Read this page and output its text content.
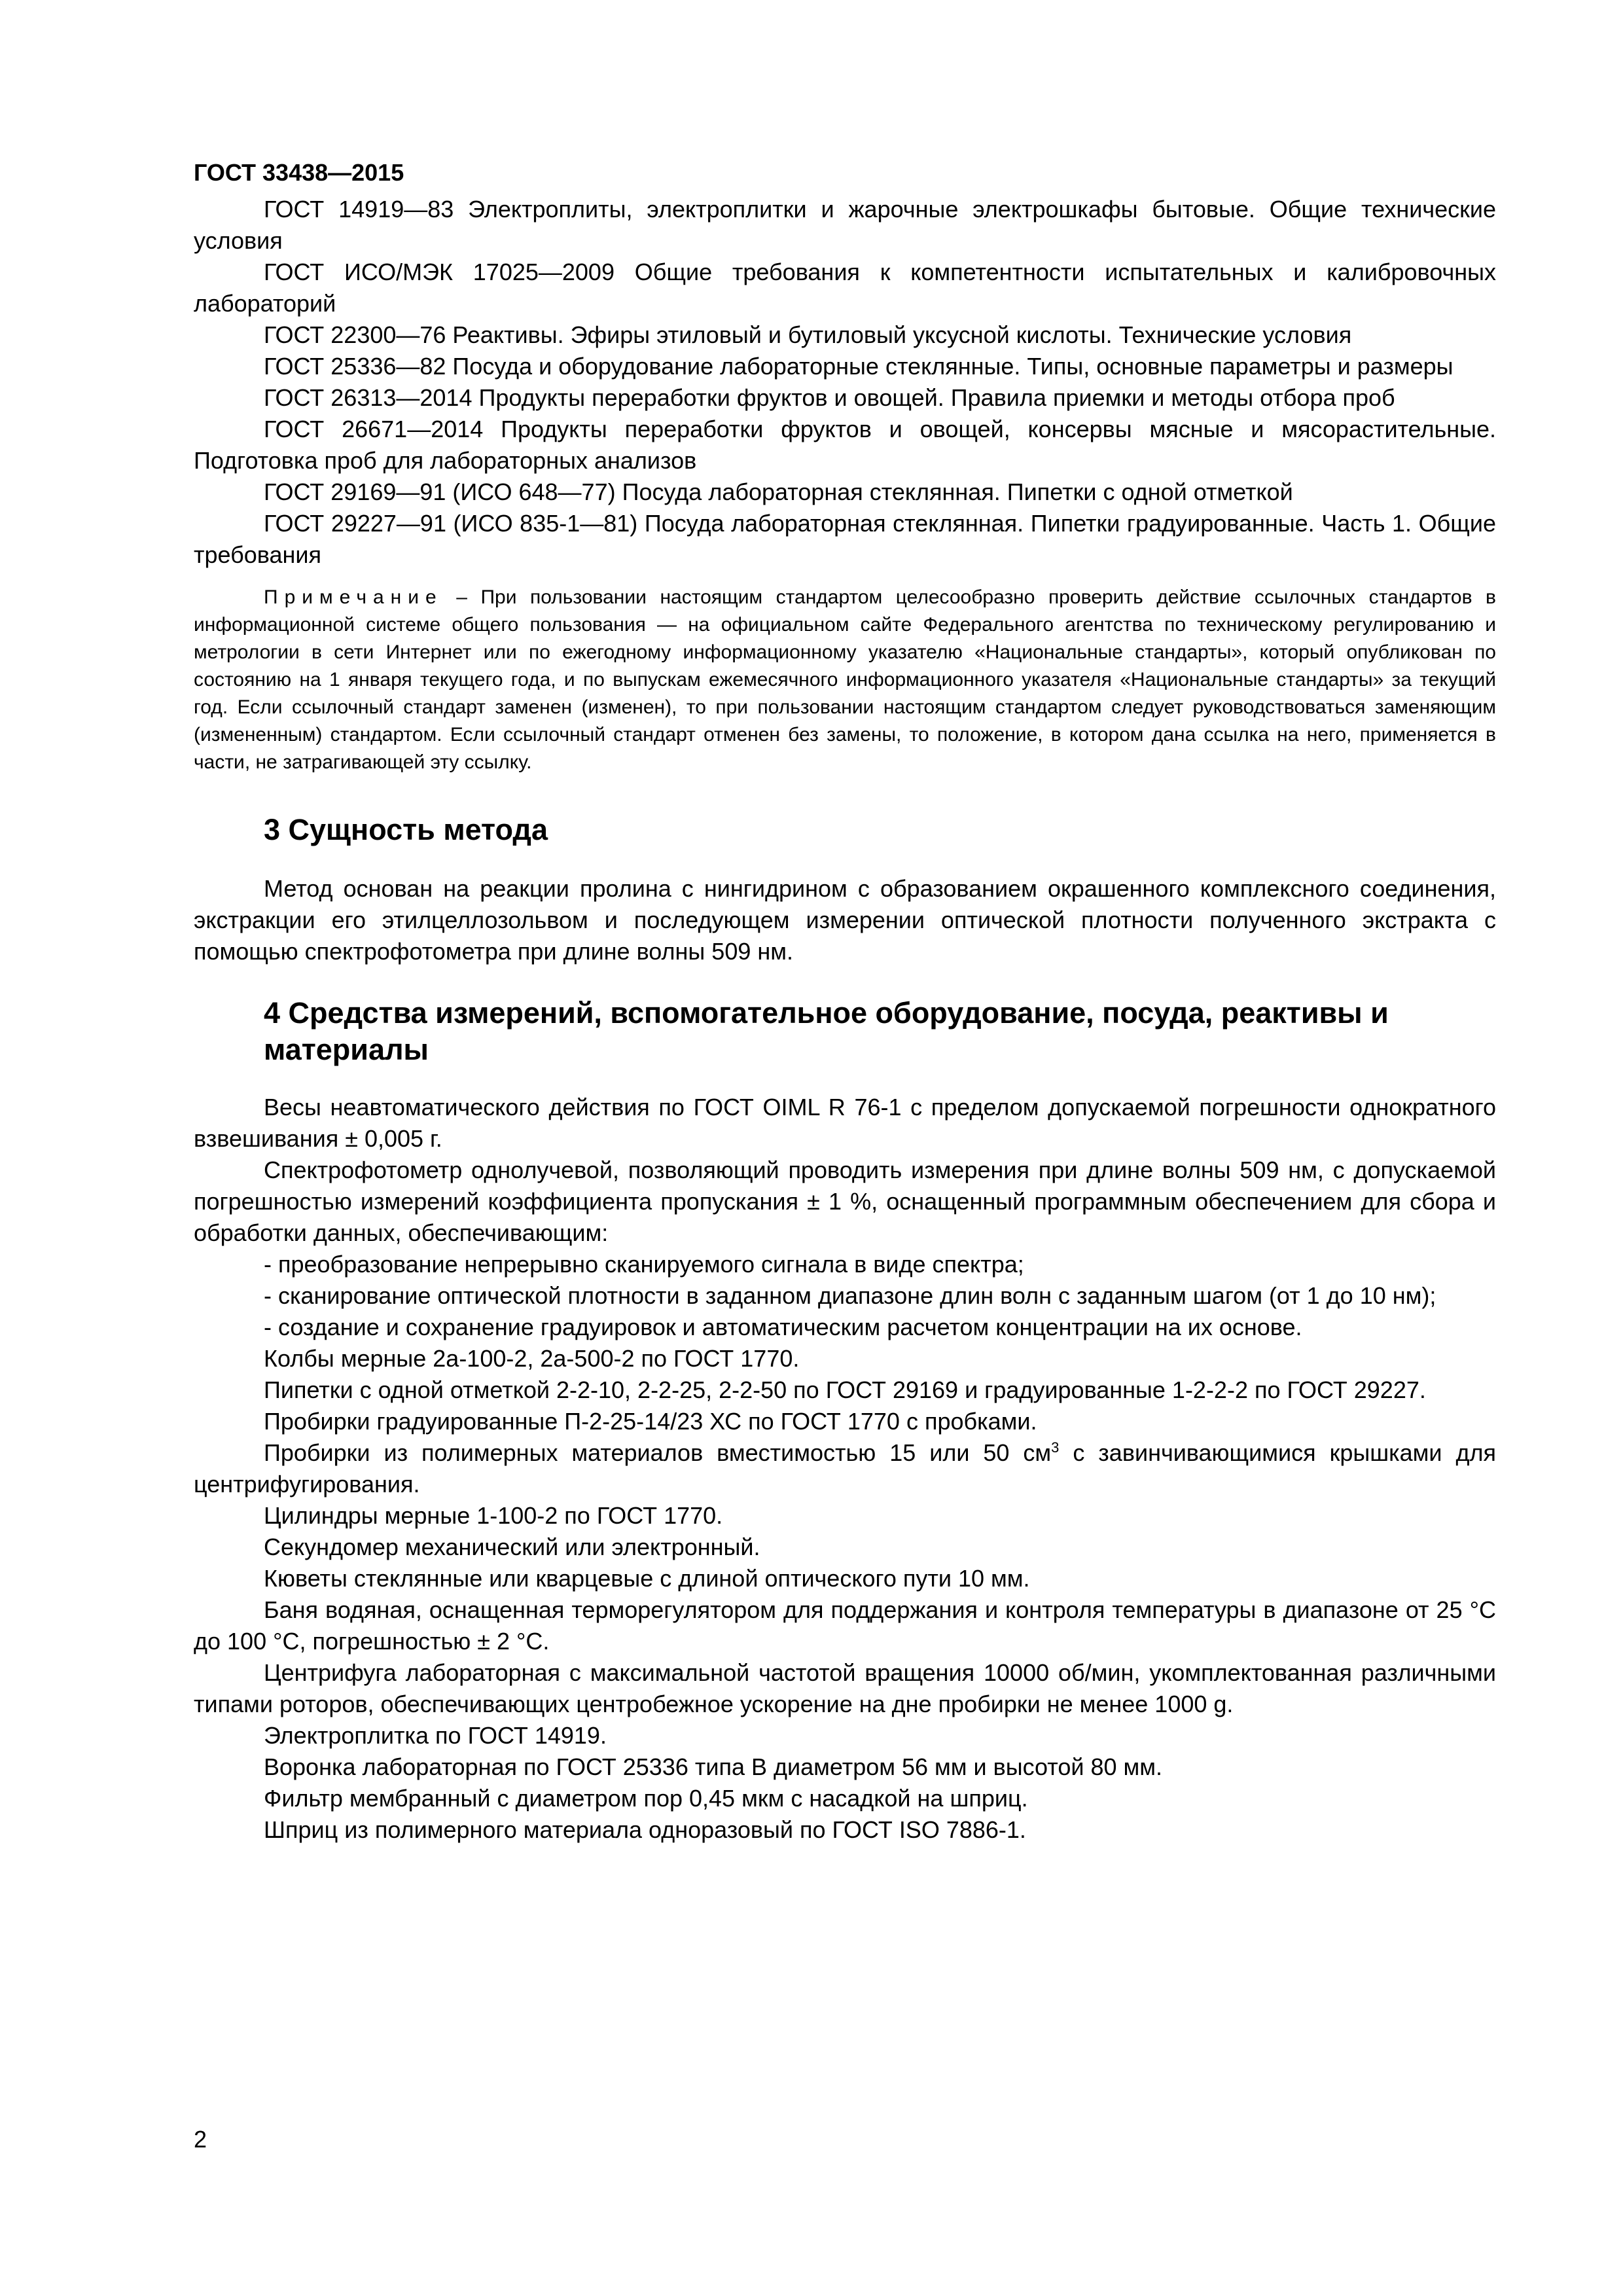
ГОСТ 33438—2015

ГОСТ 14919—83 Электроплиты, электроплитки и жарочные электрошкафы бытовые. Общие технические условия

ГОСТ ИСО/МЭК 17025—2009 Общие требования к компетентности испытательных и калибровочных лабораторий

ГОСТ 22300—76 Реактивы. Эфиры этиловый и бутиловый уксусной кислоты. Технические условия

ГОСТ 25336—82 Посуда и оборудование лабораторные стеклянные. Типы, основные параметры и размеры

ГОСТ 26313—2014 Продукты переработки фруктов и овощей. Правила приемки и методы отбора проб

ГОСТ 26671—2014 Продукты переработки фруктов и овощей, консервы мясные и мясорастительные. Подготовка проб для лабораторных анализов

ГОСТ 29169—91 (ИСО 648—77) Посуда лабораторная стеклянная. Пипетки с одной отметкой

ГОСТ 29227—91 (ИСО 835-1—81) Посуда лабораторная стеклянная. Пипетки градуированные. Часть 1. Общие требования

Примечание – При пользовании настоящим стандартом целесообразно проверить действие ссылочных стандартов в информационной системе общего пользования — на официальном сайте Федерального агентства по техническому регулированию и метрологии в сети Интернет или по ежегодному информационному указателю «Национальные стандарты», который опубликован по состоянию на 1 января текущего года, и по выпускам ежемесячного информационного указателя «Национальные стандарты» за текущий год. Если ссылочный стандарт заменен (изменен), то при пользовании настоящим стандартом следует руководствоваться заменяющим (измененным) стандартом. Если ссылочный стандарт отменен без замены, то положение, в котором дана ссылка на него, применяется в части, не затрагивающей эту ссылку.
3 Сущность метода
Метод основан на реакции пролина с нингидрином с образованием окрашенного комплексного соединения, экстракции его этилцеллозольвом и последующем измерении оптической плотности полученного экстракта с помощью спектрофотометра при длине волны 509 нм.
4 Средства измерений, вспомогательное оборудование, посуда, реактивы и материалы

Весы неавтоматического действия по ГОСТ OIML R 76-1 с пределом допускаемой погрешности однократного взвешивания ± 0,005 г.

Спектрофотометр однолучевой, позволяющий проводить измерения при длине волны 509 нм, с допускаемой погрешностью измерений коэффициента пропускания ± 1 %, оснащенный программным обеспечением для сбора и обработки данных, обеспечивающим:

- преобразование непрерывно сканируемого сигнала в виде спектра;

- сканирование оптической плотности в заданном диапазоне длин волн с заданным шагом (от 1 до 10 нм);

- создание и сохранение градуировок и автоматическим расчетом концентрации на их основе.

Колбы мерные 2а-100-2, 2а-500-2 по ГОСТ 1770.

Пипетки с одной отметкой 2-2-10, 2-2-25, 2-2-50 по ГОСТ 29169 и градуированные 1-2-2-2 по ГОСТ 29227.

Пробирки градуированные П-2-25-14/23 ХС по ГОСТ 1770 с пробками.

Пробирки из полимерных материалов вместимостью 15 или 50 $см^3$ с завинчивающимися крышками для центрифугирования.

Цилиндры мерные 1-100-2 по ГОСТ 1770.

Секундомер механический или электронный.

Кюветы стеклянные или кварцевые с длиной оптического пути 10 мм.

Баня водяная, оснащенная терморегулятором для поддержания и контроля температуры в диапазоне от 25 °С до 100 °С, погрешностью ± 2 °С.

Центрифуга лабораторная с максимальной частотой вращения 10000 об/мин, укомплектованная различными типами роторов, обеспечивающих центробежное ускорение на дне пробирки не менее 1000 g.

Электроплитка по ГОСТ 14919.

Воронка лабораторная по ГОСТ 25336 типа В диаметром 56 мм и высотой 80 мм.

Фильтр мембранный с диаметром пор 0,45 мкм с насадкой на шприц.

Шприц из полимерного материала одноразовый по ГОСТ ISO 7886-1.

2
